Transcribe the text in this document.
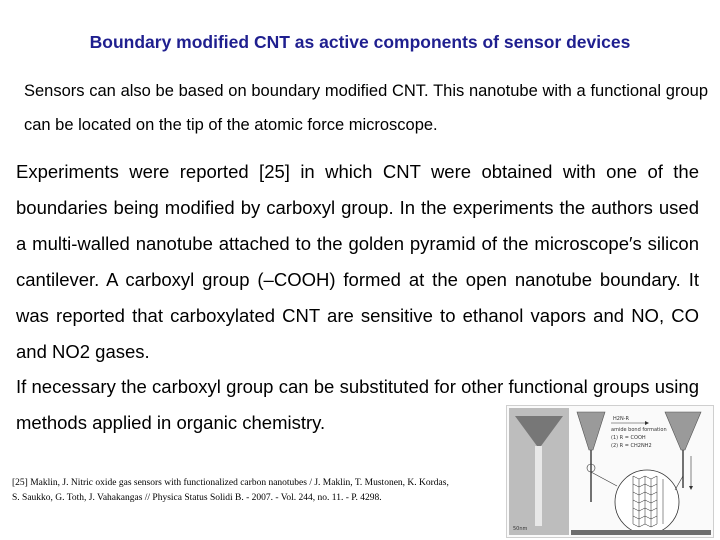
Boundary modified CNT as active components of sensor devices
Sensors can also be based on boundary modified CNT. This nanotube with a functional group can be located on the tip of the atomic force microscope.
Experiments were reported [25] in which CNT were obtained with one of the boundaries being modified by carboxyl group. In the experiments the authors used a multi-walled nanotube attached to the golden pyramid of the microscope′s silicon cantilever. A carboxyl group (–COOH) formed at the open nanotube boundary. It was reported that carboxylated CNT are sensitive to ethanol vapors and NO, CO and NO2 gases.
If necessary the carboxyl group can be substituted for other functional groups using methods applied in organic chemistry.
[25] Maklin, J. Nitric oxide gas sensors with functionalized carbon nanotubes / J. Maklin, T. Mustonen, K. Kordas, S. Saukko, G. Toth, J. Vahakangas // Physica Status Solidi B. - 2007. - Vol. 244, no. 11. - P. 4298.
50nm
H2N-R
amide bond formation
(1) R = COOH
(2) R = CH2NH2
